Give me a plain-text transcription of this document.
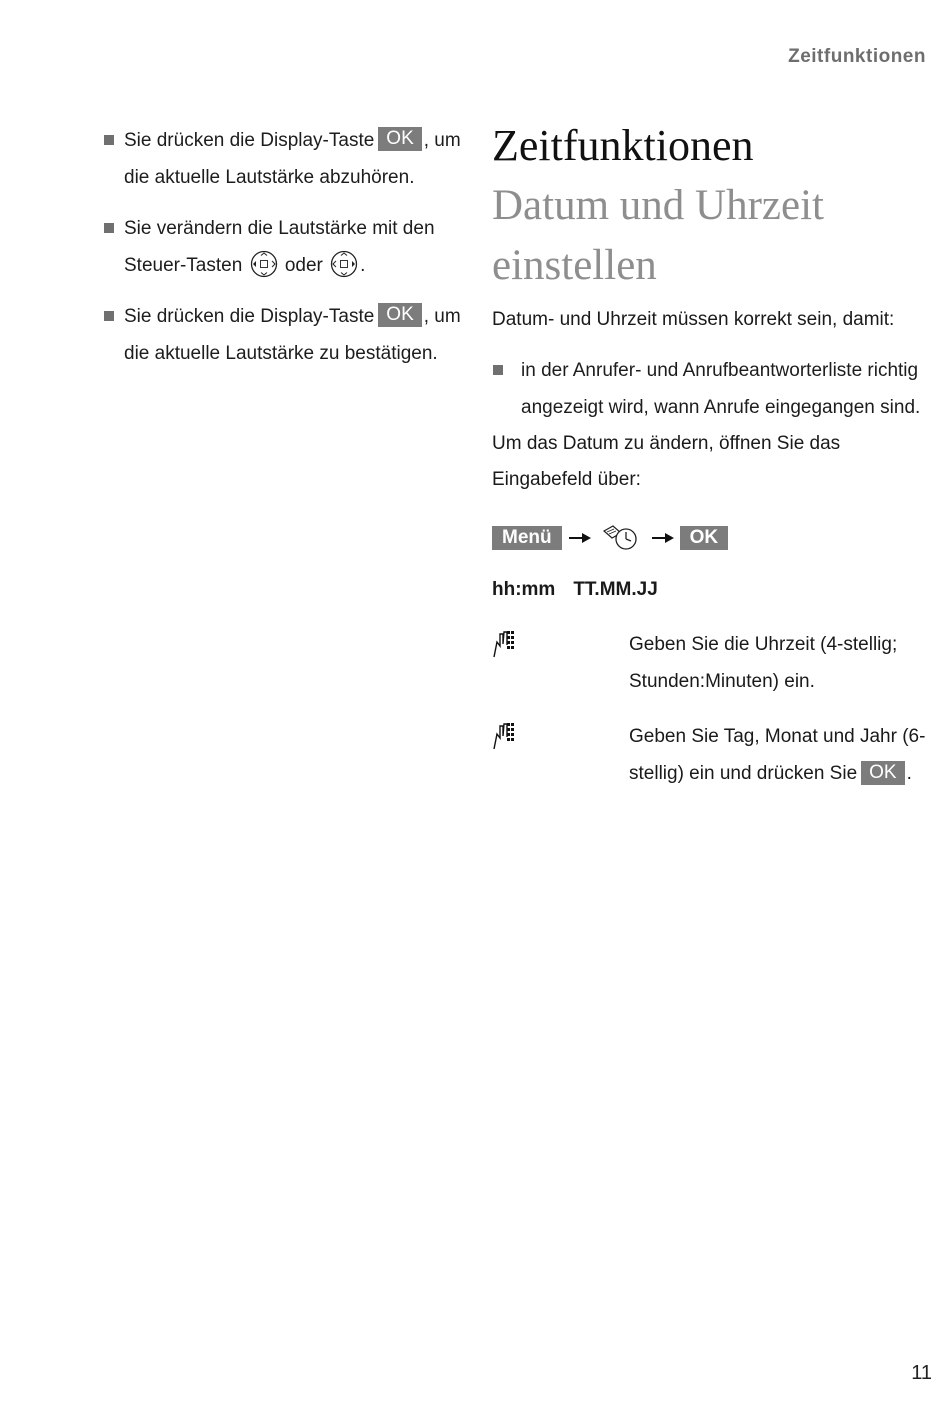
Zeitfunktionen
Sie drücken die Display-Taste OK , um die aktuelle Lautstärke abzuhören.
Sie verändern die Lautstärke mit den Steuer-Tasten oder .
Sie drücken die Display-Taste OK , um die aktuelle Lautstärke zu bestätigen.
Zeitfunktionen
Datum und Uhrzeit einstellen
Datum- und Uhrzeit müssen korrekt sein, damit:
in der Anrufer- und Anrufbeantworterliste richtig angezeigt wird, wann Anrufe eingegangen sind.
Um das Datum zu ändern, öffnen Sie das Eingabefeld über:
Menü	OK
hh:mm TT.MM.JJ
Geben Sie die Uhrzeit (4-stellig; Stunden:Minuten) ein.
Geben Sie Tag, Monat und Jahr (6-stellig) ein und drücken Sie OK .
11
